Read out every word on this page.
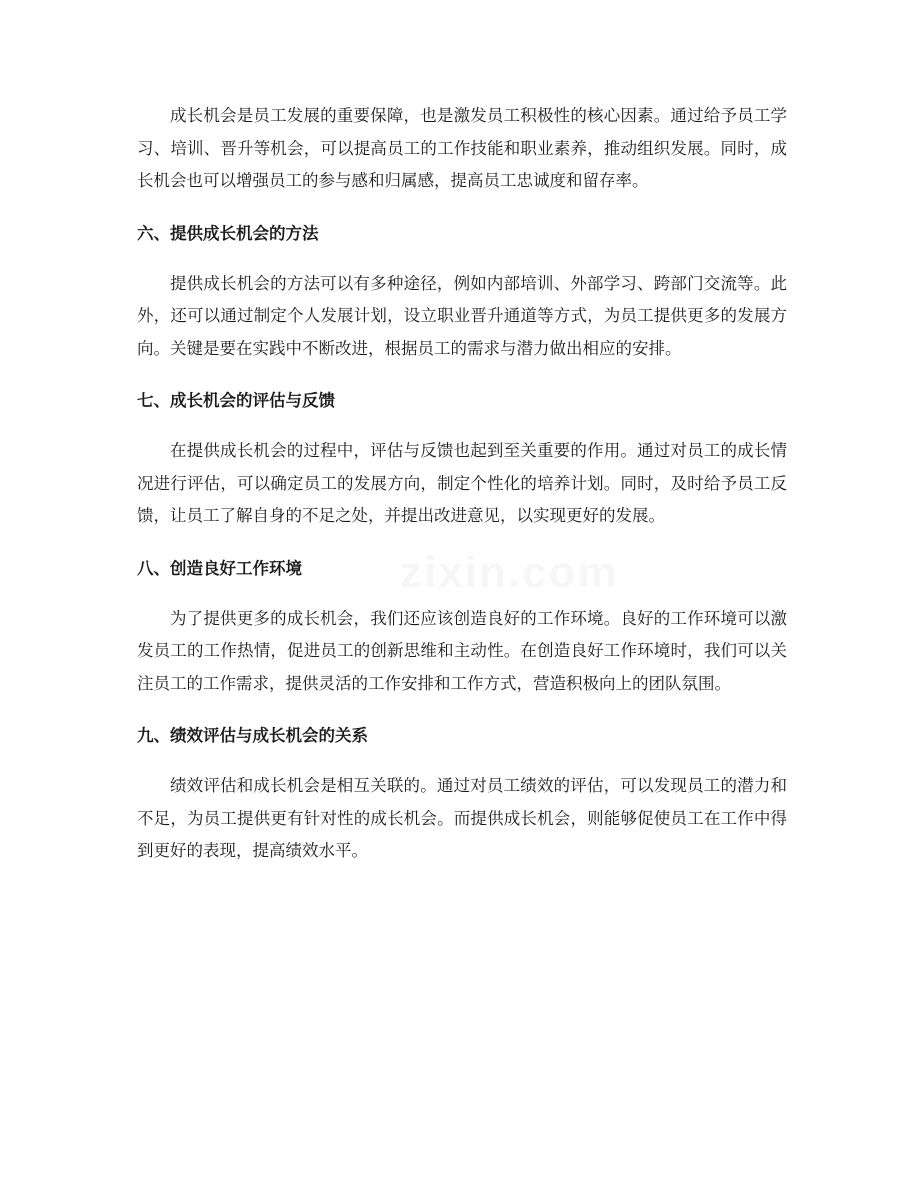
成长机会是员工发展的重要保障，也是激发员工积极性的核心因素。通过给予员工学习、培训、晋升等机会，可以提高员工的工作技能和职业素养，推动组织发展。同时，成长机会也可以增强员工的参与感和归属感，提高员工忠诚度和留存率。

六、提供成长机会的方法

提供成长机会的方法可以有多种途径，例如内部培训、外部学习、跨部门交流等。此外，还可以通过制定个人发展计划，设立职业晋升通道等方式，为员工提供更多的发展方向。关键是要在实践中不断改进，根据员工的需求与潜力做出相应的安排。

七、成长机会的评估与反馈

在提供成长机会的过程中，评估与反馈也起到至关重要的作用。通过对员工的成长情况进行评估，可以确定员工的发展方向，制定个性化的培养计划。同时，及时给予员工反馈，让员工了解自身的不足之处，并提出改进意见，以实现更好的发展。

八、创造良好工作环境

为了提供更多的成长机会，我们还应该创造良好的工作环境。良好的工作环境可以激发员工的工作热情，促进员工的创新思维和主动性。在创造良好工作环境时，我们可以关注员工的工作需求，提供灵活的工作安排和工作方式，营造积极向上的团队氛围。

九、绩效评估与成长机会的关系

绩效评估和成长机会是相互关联的。通过对员工绩效的评估，可以发现员工的潜力和不足，为员工提供更有针对性的成长机会。而提供成长机会，则能够促使员工在工作中得到更好的表现，提高绩效水平。
